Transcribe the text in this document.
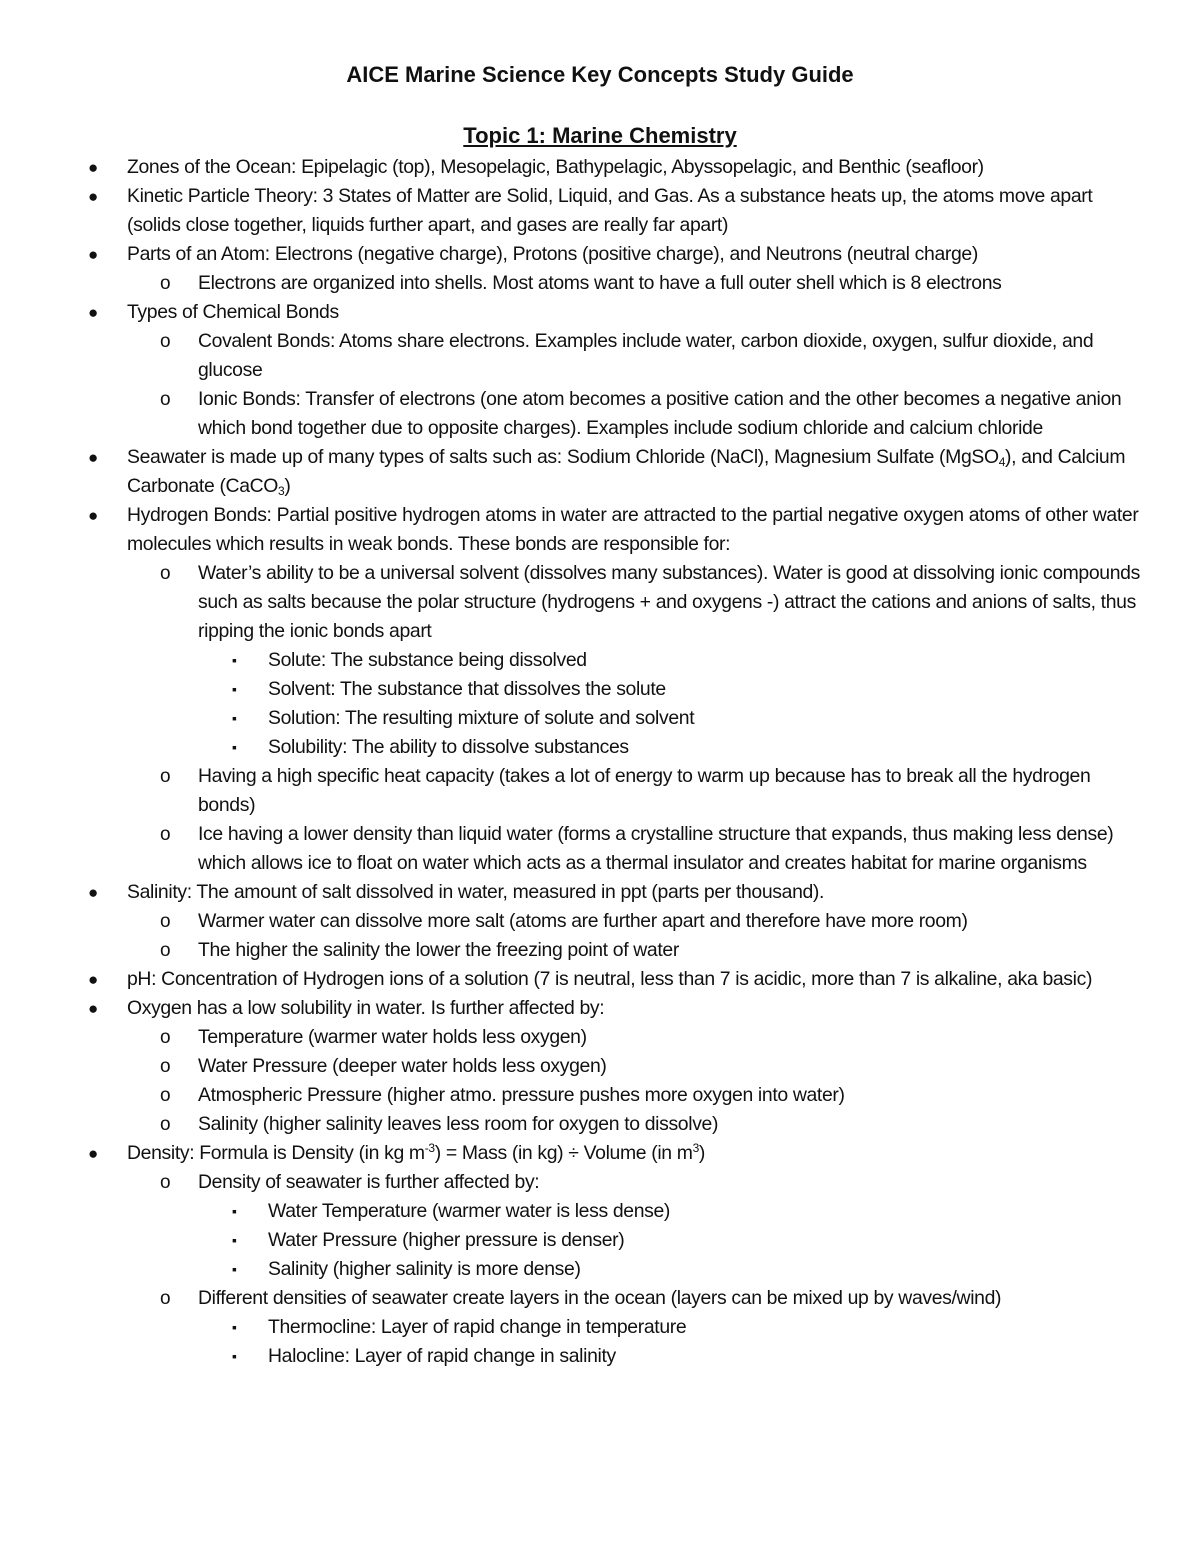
AICE Marine Science Key Concepts Study Guide
Topic 1: Marine Chemistry
● Zones of the Ocean: Epipelagic (top), Mesopelagic, Bathypelagic, Abyssopelagic, and Benthic (seafloor)
● Kinetic Particle Theory: 3 States of Matter are Solid, Liquid, and Gas. As a substance heats up, the atoms move apart (solids close together, liquids further apart, and gases are really far apart)
● Parts of an Atom: Electrons (negative charge), Protons (positive charge), and Neutrons (neutral charge)
o Electrons are organized into shells. Most atoms want to have a full outer shell which is 8 electrons
● Types of Chemical Bonds
o Covalent Bonds: Atoms share electrons. Examples include water, carbon dioxide, oxygen, sulfur dioxide, and glucose
o Ionic Bonds: Transfer of electrons (one atom becomes a positive cation and the other becomes a negative anion which bond together due to opposite charges). Examples include sodium chloride and calcium chloride
● Seawater is made up of many types of salts such as: Sodium Chloride (NaCl), Magnesium Sulfate (MgSO$_4$), and Calcium Carbonate (CaCO$_3$)
● Hydrogen Bonds: Partial positive hydrogen atoms in water are attracted to the partial negative oxygen atoms of other water molecules which results in weak bonds. These bonds are responsible for:
o Water’s ability to be a universal solvent (dissolves many substances). Water is good at dissolving ionic compounds such as salts because the polar structure (hydrogens + and oxygens -) attract the cations and anions of salts, thus ripping the ionic bonds apart
▪ Solute: The substance being dissolved
▪ Solvent: The substance that dissolves the solute
▪ Solution: The resulting mixture of solute and solvent
▪ Solubility: The ability to dissolve substances
o Having a high specific heat capacity (takes a lot of energy to warm up because has to break all the hydrogen bonds)
o Ice having a lower density than liquid water (forms a crystalline structure that expands, thus making less dense) which allows ice to float on water which acts as a thermal insulator and creates habitat for marine organisms
● Salinity: The amount of salt dissolved in water, measured in ppt (parts per thousand).
o Warmer water can dissolve more salt (atoms are further apart and therefore have more room)
o The higher the salinity the lower the freezing point of water
● pH: Concentration of Hydrogen ions of a solution (7 is neutral, less than 7 is acidic, more than 7 is alkaline, aka basic)
● Oxygen has a low solubility in water. Is further affected by:
o Temperature (warmer water holds less oxygen)
o Water Pressure (deeper water holds less oxygen)
o Atmospheric Pressure (higher atmo. pressure pushes more oxygen into water)
o Salinity (higher salinity leaves less room for oxygen to dissolve)
● Density: Formula is Density (in kg $m^{-3}$) = Mass (in kg) ÷ Volume (in $m^3$)
o Density of seawater is further affected by:
▪ Water Temperature (warmer water is less dense)
▪ Water Pressure (higher pressure is denser)
▪ Salinity (higher salinity is more dense)
o Different densities of seawater create layers in the ocean (layers can be mixed up by waves/wind)
▪ Thermocline: Layer of rapid change in temperature
▪ Halocline: Layer of rapid change in salinity
